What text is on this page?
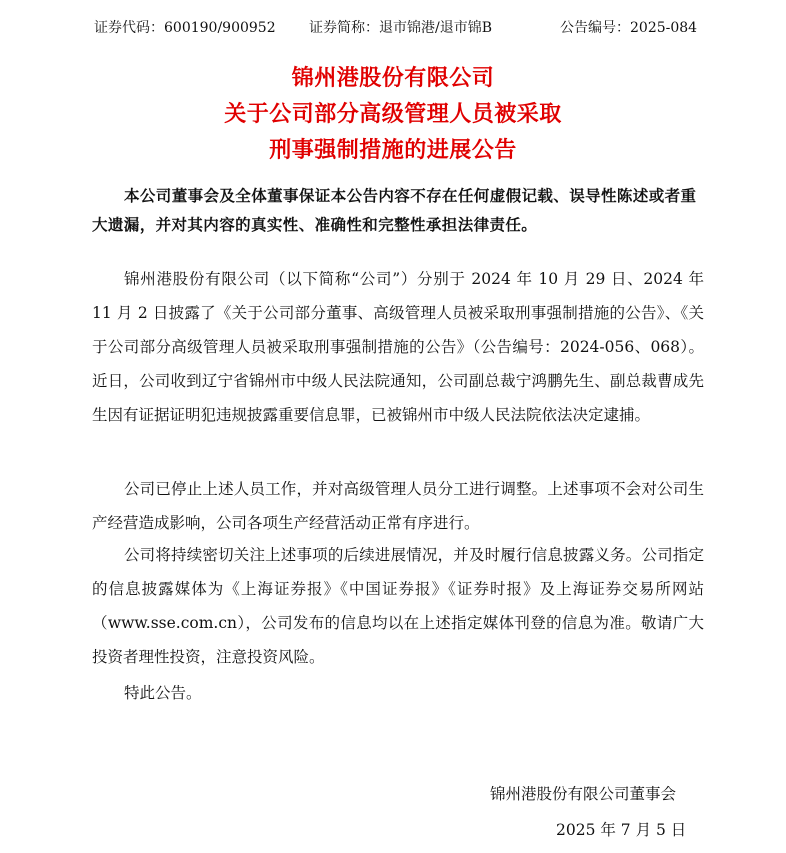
证券代码：600190/900952 证券简称：退市锦港/退市锦B	公告编号：2025-084
锦州港股份有限公司
关于公司部分高级管理人员被采取
刑事强制措施的进展公告

本公司董事会及全体董事保证本公告内容不存在任何虚假记载、误导性陈述或者重大遗漏，并对其内容的真实性、准确性和完整性承担法律责任。

锦州港股份有限公司（以下简称“公司”）分别于 2024 年 10 月 29 日、2024 年 11 月 2 日披露了《关于公司部分董事、高级管理人员被采取刑事强制措施的公告》、《关于公司部分高级管理人员被采取刑事强制措施的公告》（公告编号：2024-056、068）。近日，公司收到辽宁省锦州市中级人民法院通知，公司副总裁宁鸿鹏先生、副总裁曹成先生因有证据证明犯违规披露重要信息罪，已被锦州市中级人民法院依法决定逮捕。

公司已停止上述人员工作，并对高级管理人员分工进行调整。上述事项不会对公司生产经营造成影响，公司各项生产经营活动正常有序进行。

公司将持续密切关注上述事项的后续进展情况，并及时履行信息披露义务。公司指定的信息披露媒体为《上海证券报》《中国证券报》《证券时报》及上海证券交易所网站（www.sse.com.cn），公司发布的信息均以在上述指定媒体刊登的信息为准。敬请广大投资者理性投资，注意投资风险。

特此公告。

锦州港股份有限公司董事会
2025 年 7 月 5 日
